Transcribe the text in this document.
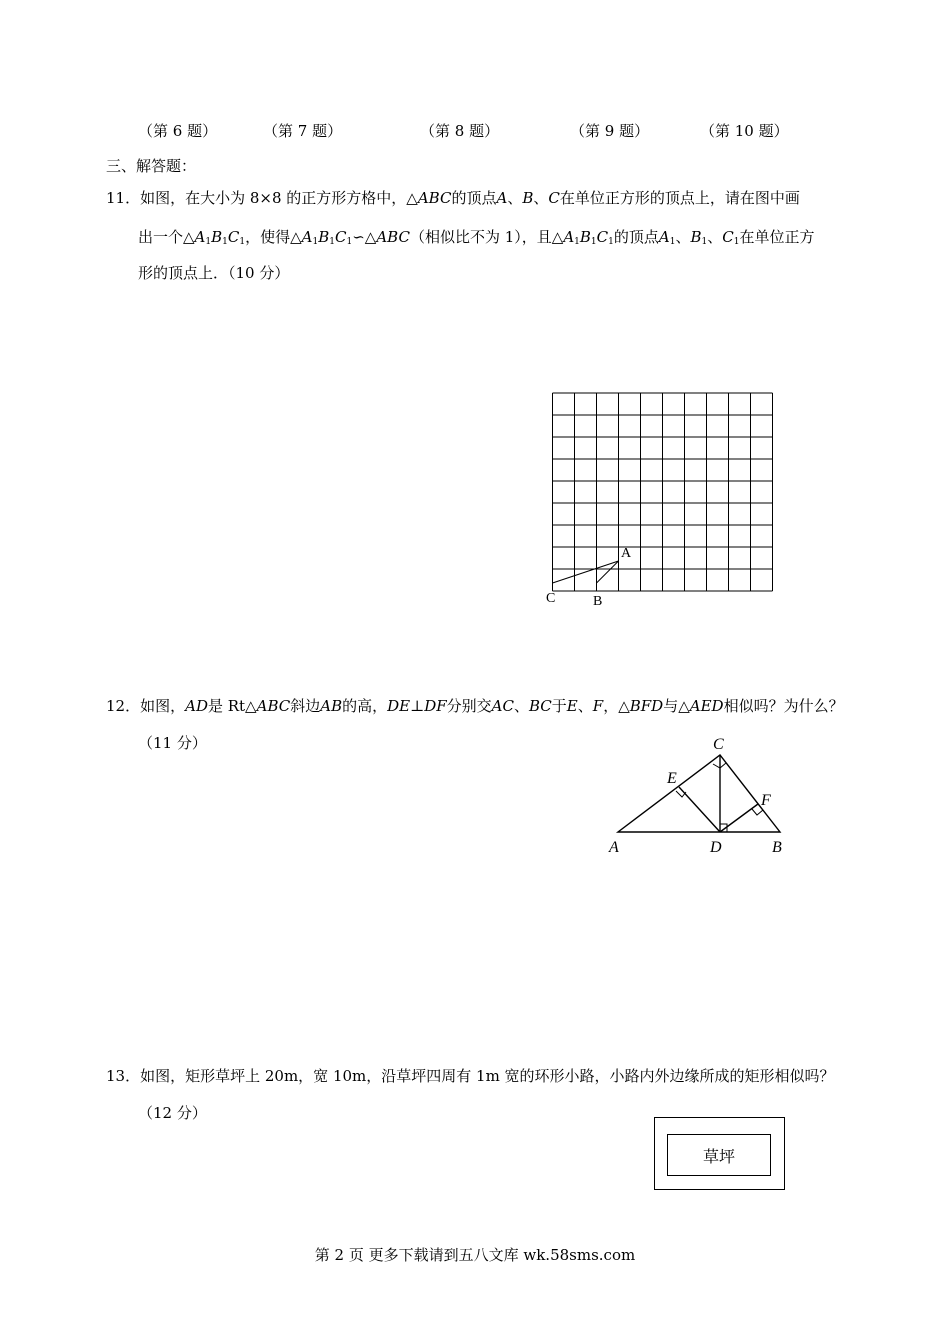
（第 6 题）	（第 7 题）	（第 8 题）	（第 9 题）	（第 10 题）
三、解答题：
11．如图，在大小为 8×8 的正方形方格中，△ABC的顶点A、B、C在单位正方形的顶点上，请在图中画
出一个$\triangle A_1B_1C_1$，使得$\triangle A_1B_1C_1∽\triangle ABC$（相似比不为 1），且$\triangle A_1B_1C_1$的顶点$A_1$、$B_1$、$C_1$在单位正方
形的顶点上．（10 分）
A
C	B
12．如图，AD是 Rt△ABC斜边AB的高，DE⊥DF分别交AC、BC于E、F，△BFD与△AED相似吗？为什么？
（11 分）	C
E
F
A	D	B
13．如图，矩形草坪上 20m，宽 10m，沿草坪四周有 1m 宽的环形小路，小路内外边缘所成的矩形相似吗？
（12 分）
草坪
第 2 页 更多下载请到五八文库 wk.58sms.com
